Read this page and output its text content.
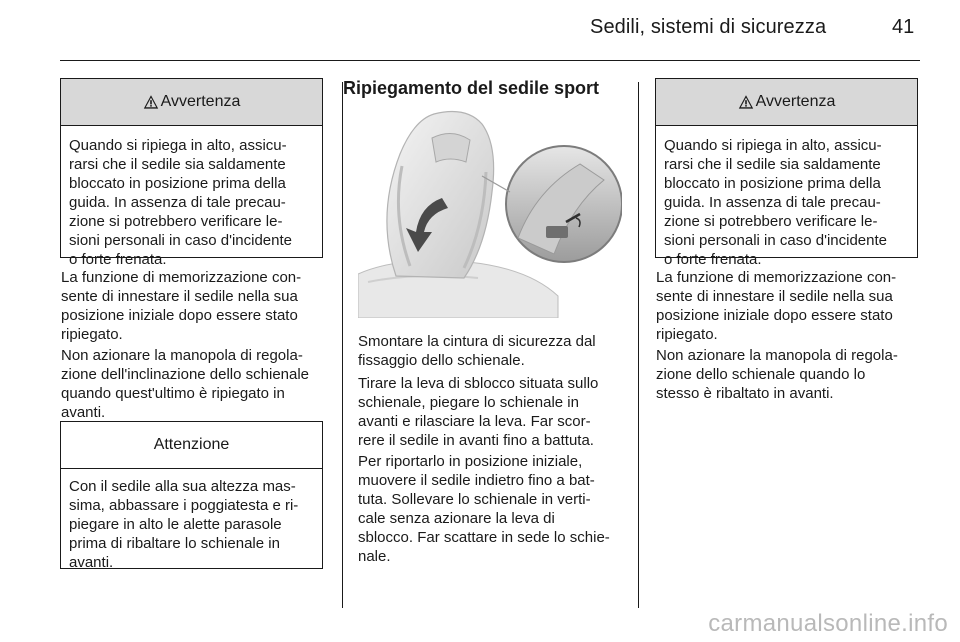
Sedili, sistemi di sicurezza	41
Avvertenza
Quando si ripiega in alto, assicu-
rarsi che il sedile sia saldamente
bloccato in posizione prima della
guida. In assenza di tale precau-
zione si potrebbero verificare le-
sioni personali in caso d'incidente
o forte frenata.

La funzione di memorizzazione con-
sente di innestare il sedile nella sua
posizione iniziale dopo essere stato
ripiegato.

Non azionare la manopola di regola-
zione dell'inclinazione dello schienale
quando quest'ultimo è ripiegato in
avanti.

Attenzione
Con il sedile alla sua altezza mas-
sima, abbassare i poggiatesta e ri-
piegare in alto le alette parasole
prima di ribaltare lo schienale in
avanti.
Ripiegamento del sedile sport

Smontare la cintura di sicurezza dal
fissaggio dello schienale.

Tirare la leva di sblocco situata sullo
schienale, piegare lo schienale in
avanti e rilasciare la leva. Far scor-
rere il sedile in avanti fino a battuta.

Per riportarlo in posizione iniziale,
muovere il sedile indietro fino a bat-
tuta. Sollevare lo schienale in verti-
cale senza azionare la leva di
sblocco. Far scattare in sede lo schie-
nale.

Avvertenza
Quando si ripiega in alto, assicu-
rarsi che il sedile sia saldamente
bloccato in posizione prima della
guida. In assenza di tale precau-
zione si potrebbero verificare le-
sioni personali in caso d'incidente
o forte frenata.

La funzione di memorizzazione con-
sente di innestare il sedile nella sua
posizione iniziale dopo essere stato
ripiegato.

Non azionare la manopola di regola-
zione dello schienale quando lo
stesso è ribaltato in avanti.

carmanualsonline.info
